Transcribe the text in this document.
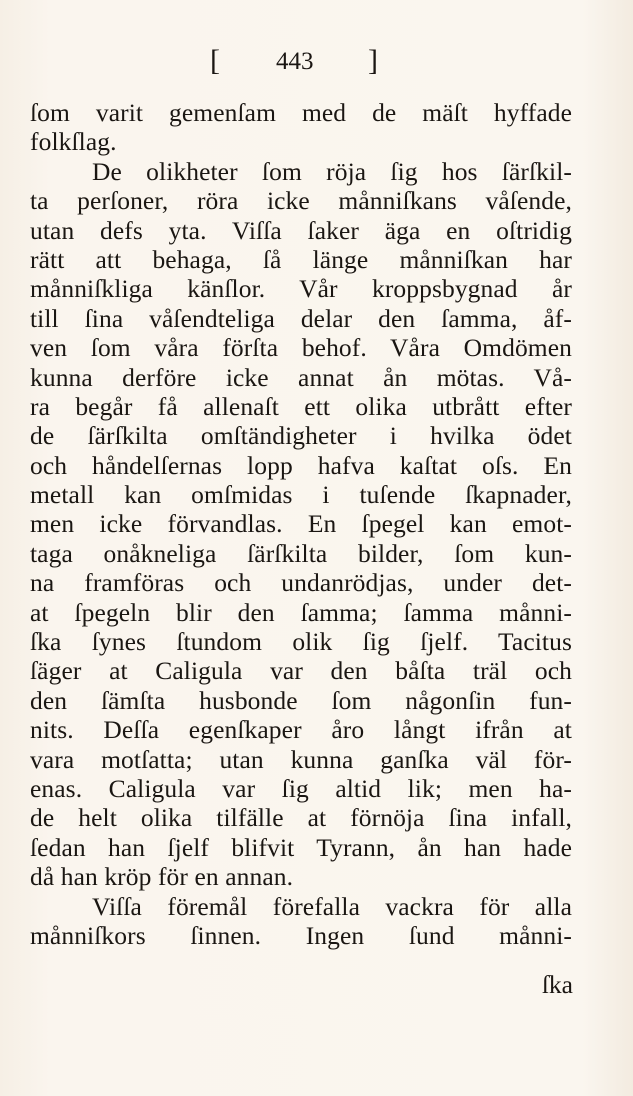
[ 443 ]
ſom varit gemenſam med de mäſt hyffade
folkſlag.
De olikheter ſom röja ſig hos ſärſkil-
ta perſoner, röra icke månniſkans våſende,
utan defs yta. Viſſa ſaker äga en oſtridig
rätt att behaga, ſå länge månniſkan har
månniſkliga känſlor. Vår kroppsbygnad år
till ſina våſendteliga delar den ſamma, åf-
ven ſom våra förſta behof. Våra Omdömen
kunna derföre icke annat ån mötas. Vå-
ra begår få allenaſt ett olika utbrått efter
de ſärſkilta omſtändigheter i hvilka ödet
och håndelſernas lopp hafva kaſtat oſs. En
metall kan omſmidas i tuſende ſkapnader,
men icke förvandlas. En ſpegel kan emot-
taga onåkneliga ſärſkilta bilder, ſom kun-
na framföras och undanrödjas, under det-
at ſpegeln blir den ſamma; ſamma månni-
ſka ſynes ſtundom olik ſig ſjelf. Tacitus
ſäger at Caligula var den båſta träl och
den ſämſta husbonde ſom någonſin fun-
nits. Deſſa egenſkaper åro långt ifrån at
vara motſatta; utan kunna ganſka väl för-
enas. Caligula var ſig altid lik; men ha-
de helt olika tilfälle at förnöja ſina infall,
ſedan han ſjelf blifvit Tyrann, ån han hade
då han kröp för en annan.
Viſſa föremål förefalla vackra för alla
månniſkors ſinnen. Ingen ſund månni-
ſka
